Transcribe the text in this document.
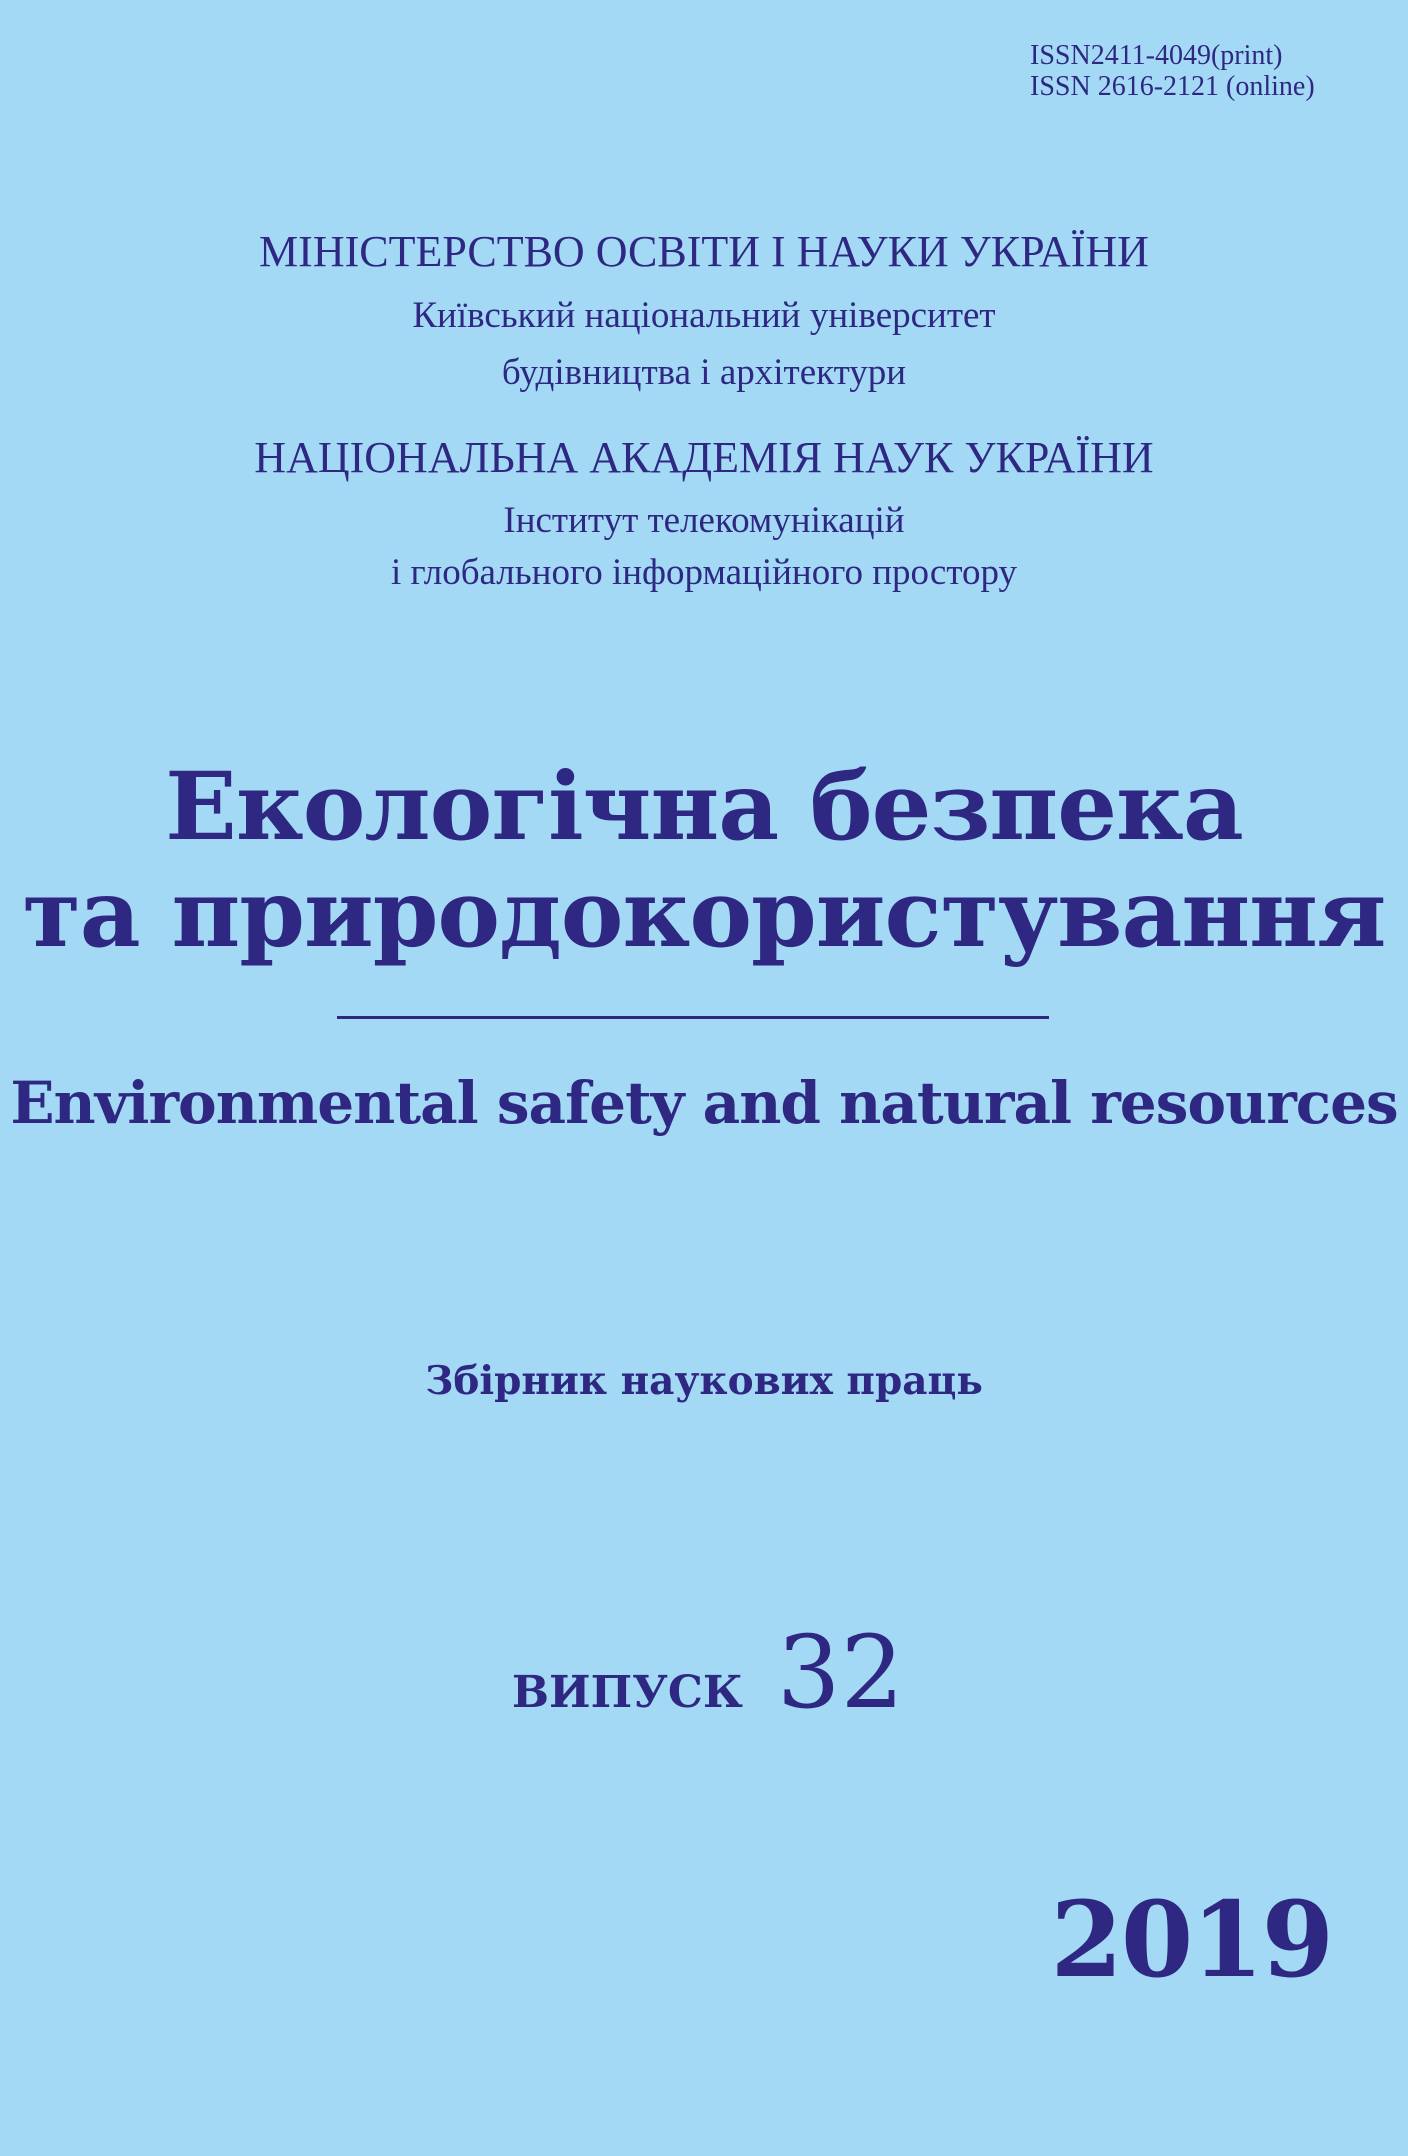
ISSN2411-4049(print)
ISSN 2616-2121 (online)
МІНІСТЕРСТВО ОСВІТИ І НАУКИ УКРАЇНИ
Київський національний університет
будівництва і архітектури
НАЦІОНАЛЬНА АКАДЕМІЯ НАУК УКРАЇНИ
Інститут телекомунікацій
і глобального інформаційного простору
Екологічна безпека
та природокористування
Environmental safety and natural resources
Збірник наукових праць
ВИПУСК 32
2019
